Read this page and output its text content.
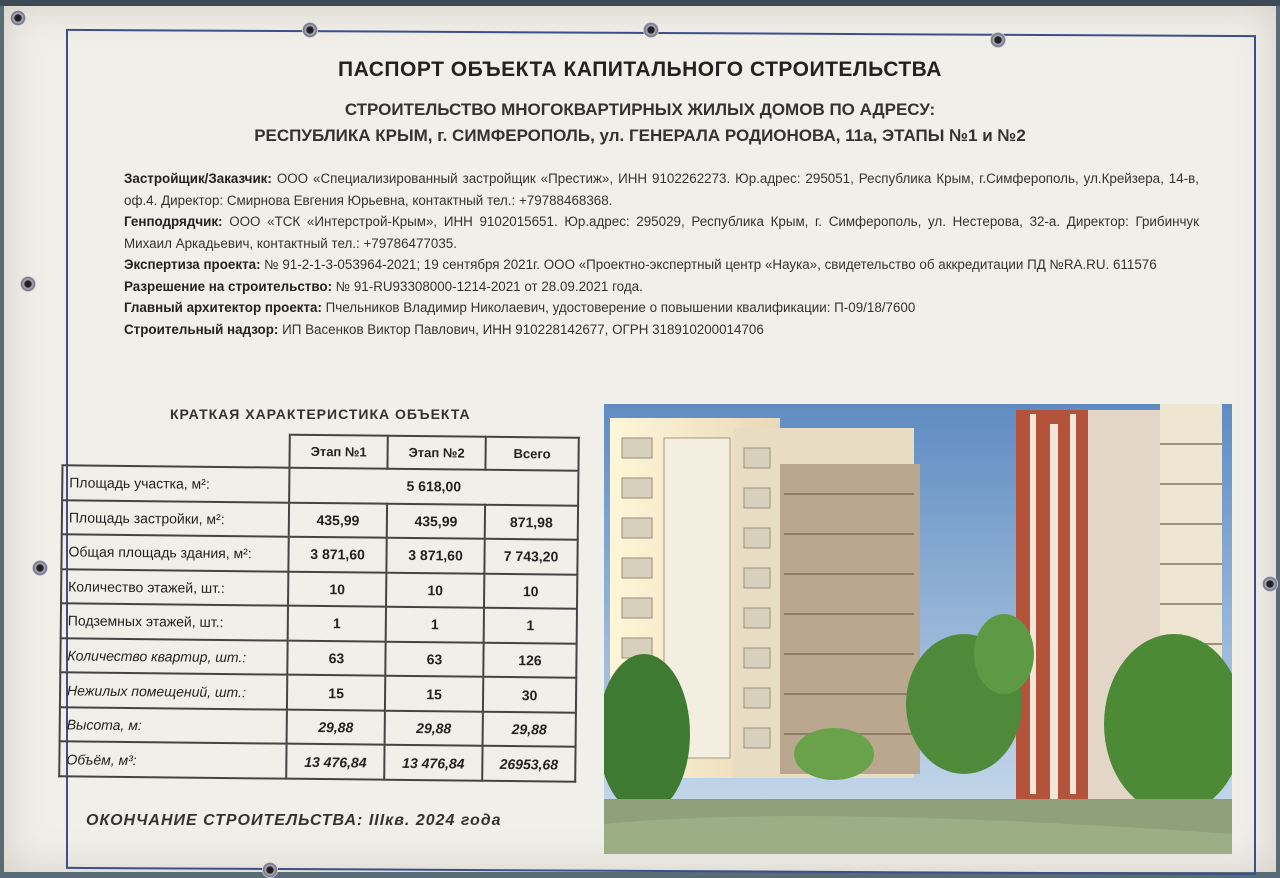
ПАСПОРТ ОБЪЕКТА КАПИТАЛЬНОГО СТРОИТЕЛЬСТВА
СТРОИТЕЛЬСТВО МНОГОКВАРТИРНЫХ ЖИЛЫХ ДОМОВ ПО АДРЕСУ:
РЕСПУБЛИКА КРЫМ, г. СИМФЕРОПОЛЬ, ул. ГЕНЕРАЛА РОДИОНОВА, 11а, ЭТАПЫ №1 и №2

Застройщик/Заказчик: ООО «Специализированный застройщик «Престиж», ИНН 9102262273. Юр.адрес: 295051, Республика Крым, г.Симферополь, ул.Крейзера, 14-в, оф.4. Директор: Смирнова Евгения Юрьевна, контактный тел.: +79788468368.

Генподрядчик: ООО «ТСК «Интерстрой-Крым», ИНН 9102015651. Юр.адрес: 295029, Республика Крым, г. Симферополь, ул. Нестерова, 32-а. Директор: Грибинчук Михаил Аркадьевич, контактный тел.: +79786477035.

Экспертиза проекта: № 91-2-1-3-053964-2021; 19 сентября 2021г. ООО «Проектно-экспертный центр «Наука», свидетельство об аккредитации ПД №RA.RU. 611576

Разрешение на строительство: № 91-RU93308000-1214-2021 от 28.09.2021 года.

Главный архитектор проекта: Пчельников Владимир Николаевич, удостоверение о повышении квалификации: П-09/18/7600

Строительный надзор: ИП Васенков Виктор Павлович, ИНН 910228142677, ОГРН 318910200014706

КРАТКАЯ ХАРАКТЕРИСТИКА ОБЪЕКТА
	Этап №1	Этап №2	Всего
Площадь участка, м²:	5 618,00		
Площадь застройки, м²:	435,99	435,99	871,98
Общая площадь здания, м²:	3 871,60	3 871,60	7 743,20
Количество этажей, шт.:	10	10	10
Подземных этажей, шт.:	1	1	1
Количество квартир, шт.:	63	63	126
Нежилых помещений, шт.:	15	15	30
Высота, м:	29,88	29,88	29,88
Объём, м³:	13 476,84	13 476,84	26953,68
ОКОНЧАНИЕ СТРОИТЕЛЬСТВА: IIIкв. 2024 года
